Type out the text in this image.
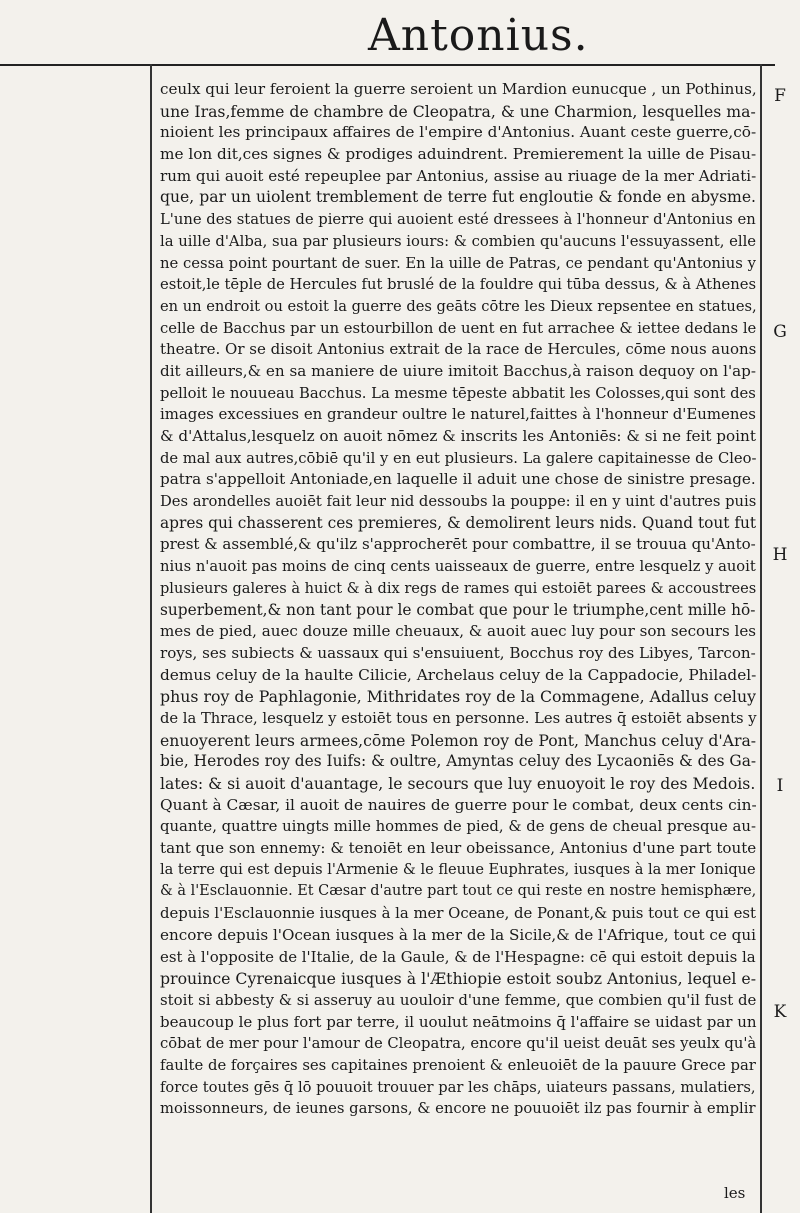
Antonius.
ceulx qui leur feroient la guerre seroient un Mardion eunucque , un Pothinus,
une Iras,femme de chambre de Cleopatra, & une Charmion, lesquelles ma-
nioient les principaux affaires de l'empire d'Antonius. Auant ceste guerre,cō-
me lon dit,ces signes & prodiges aduindrent. Premierement la uille de Pisau-
rum qui auoit esté repeuplee par Antonius, assise au riuage de la mer Adriati-
que, par un uiolent tremblement de terre fut engloutie & fonde en abysme.
L'une des statues de pierre qui auoient esté dressees à l'honneur d'Antonius en
la uille d'Alba, sua par plusieurs iours: & combien qu'aucuns l'essuyassent, elle
ne cessa point pourtant de suer. En la uille de Patras, ce pendant qu'Antonius y
estoit,le tēple de Hercules fut bruslé de la fouldre qui tūba dessus, & à Athenes
en un endroit ou estoit la guerre des geāts cōtre les Dieux repsentee en statues,
celle de Bacchus par un estourbillon de uent en fut arrachee & iettee dedans le
theatre. Or se disoit Antonius extrait de la race de Hercules, cōme nous auons
dit ailleurs,& en sa maniere de uiure imitoit Bacchus,à raison dequoy on l'ap-
pelloit le nouueau Bacchus. La mesme tēpeste abbatit les Colosses,qui sont des
images excessiues en grandeur oultre le naturel,faittes à l'honneur d'Eumenes
& d'Attalus,lesquelz on auoit nōmez & inscrits les Antoniēs: & si ne feit point
de mal aux autres,cōbiē qu'il y en eut plusieurs. La galere capitainesse de Cleo-
patra s'appelloit Antoniade,en laquelle il aduit une chose de sinistre presage.
Des arondelles auoiēt fait leur nid dessoubs la pouppe: il en y uint d'autres puis
apres qui chasserent ces premieres, & demolirent leurs nids. Quand tout fut
prest & assemblé,& qu'ilz s'approcherēt pour combattre, il se trouua qu'Anto-
nius n'auoit pas moins de cinq cents uaisseaux de guerre, entre lesquelz y auoit
plusieurs galeres à huict & à dix regs de rames qui estoiēt parees & accoustrees
superbement,& non tant pour le combat que pour le triumphe,cent mille hō-
mes de pied, auec douze mille cheuaux, & auoit auec luy pour son secours les
roys, ses subiects & uassaux qui s'ensuiuent, Bocchus roy des Libyes, Tarcon-
demus celuy de la haulte Cilicie, Archelaus celuy de la Cappadocie, Philadel-
phus roy de Paphlagonie, Mithridates roy de la Commagene, Adallus celuy
de la Thrace, lesquelz y estoiēt tous en personne. Les autres q̄ estoiēt absents y
enuoyerent leurs armees,cōme Polemon roy de Pont, Manchus celuy d'Ara-
bie, Herodes roy des Iuifs: & oultre, Amyntas celuy des Lycaoniēs & des Ga-
lates: & si auoit d'auantage, le secours que luy enuoyoit le roy des Medois.
Quant à Cæsar, il auoit de nauires de guerre pour le combat, deux cents cin-
quante, quattre uingts mille hommes de pied, & de gens de cheual presque au-
tant que son ennemy: & tenoiēt en leur obeissance, Antonius d'une part toute
la terre qui est depuis l'Armenie & le fleuue Euphrates, iusques à la mer Ionique
& à l'Esclauonnie. Et Cæsar d'autre part tout ce qui reste en nostre hemisphære,
depuis l'Esclauonnie iusques à la mer Oceane, de Ponant,& puis tout ce qui est
encore depuis l'Ocean iusques à la mer de la Sicile,& de l'Afrique, tout ce qui
est à l'opposite de l'Italie, de la Gaule, & de l'Hespagne: cē qui estoit depuis la
prouince Cyrenaicque iusques à l'Æthiopie estoit soubz Antonius, lequel e-
stoit si abbesty & si asseruy au uouloir d'une femme, que combien qu'il fust de
beaucoup le plus fort par terre, il uoulut neātmoins q̄ l'affaire se uidast par un
cōbat de mer pour l'amour de Cleopatra, encore qu'il ueist deuāt ses yeulx qu'à
faulte de forçaires ses capitaines prenoient & enleuoiēt de la pauure Grece par
force toutes gēs q̄ lō pouuoit trouuer par les chāps, uiateurs passans, mulatiers,
moissonneurs, de ieunes garsons, & encore ne pouuoiēt ilz pas fournir à emplir
F
G
H
I
K
les
